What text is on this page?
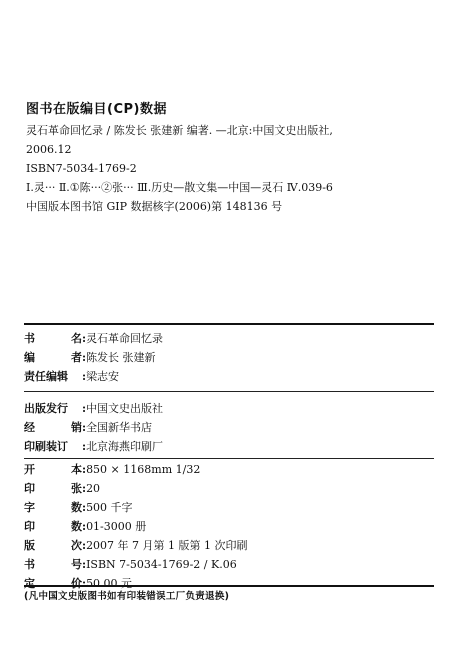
图书在版编目(CP)数据
灵石革命回忆录 / 陈发长 张建新 编著. —北京:中国文史出版社,
2006.12
ISBN7-5034-1769-2
Ⅰ.灵··· Ⅱ.①陈···②张··· Ⅲ.历史—散文集—中国—灵石 Ⅳ.039-6
中国版本图书馆 GIP 数据核字(2006)第 148136 号
书	名 : 灵石革命回忆录
编	者 : 陈发长 张建新
责任编辑	: 梁志安
出版发行	: 中国文史出版社
经	销 : 全国新华书店
印刷装订	: 北京海燕印刷厂
开	本 : 850 × 1168mm 1/32
印	张 : 20
字	数 : 500 千字
印	数 : 01-3000 册
版	次 : 2007 年 7 月第 1 版第 1 次印刷
书	号 : ISBN 7-5034-1769-2 / K.06
定	价 : 50.00 元
(凡中国文史版图书如有印装错误工厂负责退换)
